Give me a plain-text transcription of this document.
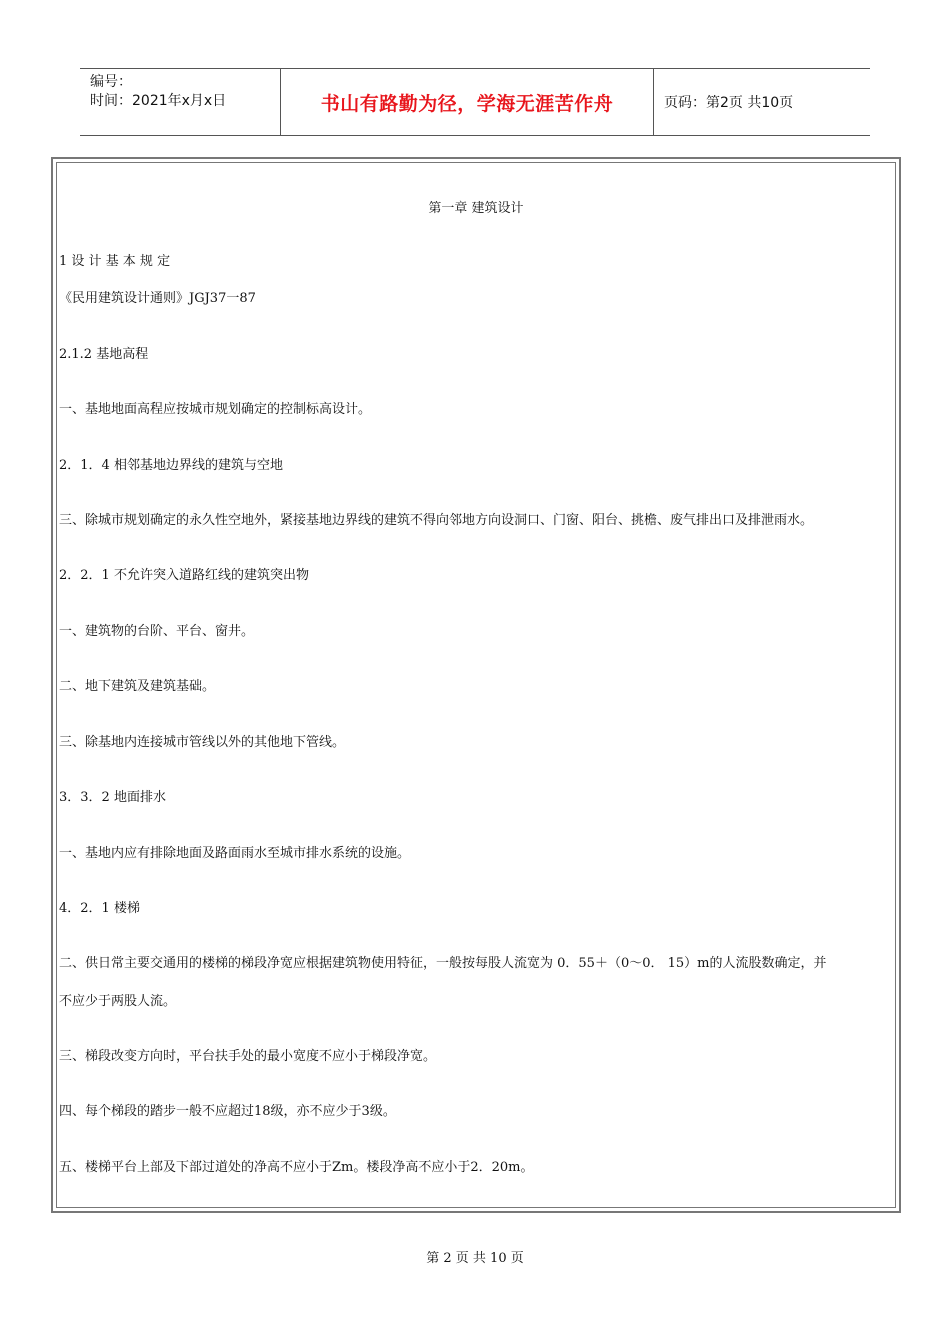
编号：
时间：2021年x月x日	书山有路勤为径，学海无涯苦作舟	页码：第2页 共10页
第一章 建筑设计
1 设 计 基 本 规 定
《民用建筑设计通则》JGJ37一87
2.1.2 基地高程
一、基地地面高程应按城市规划确定的控制标高设计。
2．1．4 相邻基地边界线的建筑与空地
三、除城市规划确定的永久性空地外，紧接基地边界线的建筑不得向邻地方向设洞口、门窗、阳台、挑檐、废气排出口及排泄雨水。
2．2．1 不允许突入道路红线的建筑突出物
一、建筑物的台阶、平台、窗井。
二、地下建筑及建筑基础。
三、除基地内连接城市管线以外的其他地下管线。
3．3．2 地面排水
一、基地内应有排除地面及路面雨水至城市排水系统的设施。
4．2．1 楼梯
二、供日常主要交通用的楼梯的梯段净宽应根据建筑物使用特征，一般按每股人流宽为 0．55＋（0～0． 15）m的人流股数确定，并
不应少于两股人流。
三、梯段改变方向时，平台扶手处的最小宽度不应小于梯段净宽。
四、每个梯段的踏步一般不应超过18级，亦不应少于3级。
五、楼梯平台上部及下部过道处的净高不应小于Zm。楼段净高不应小于2．20m。
第 2 页 共 10 页
